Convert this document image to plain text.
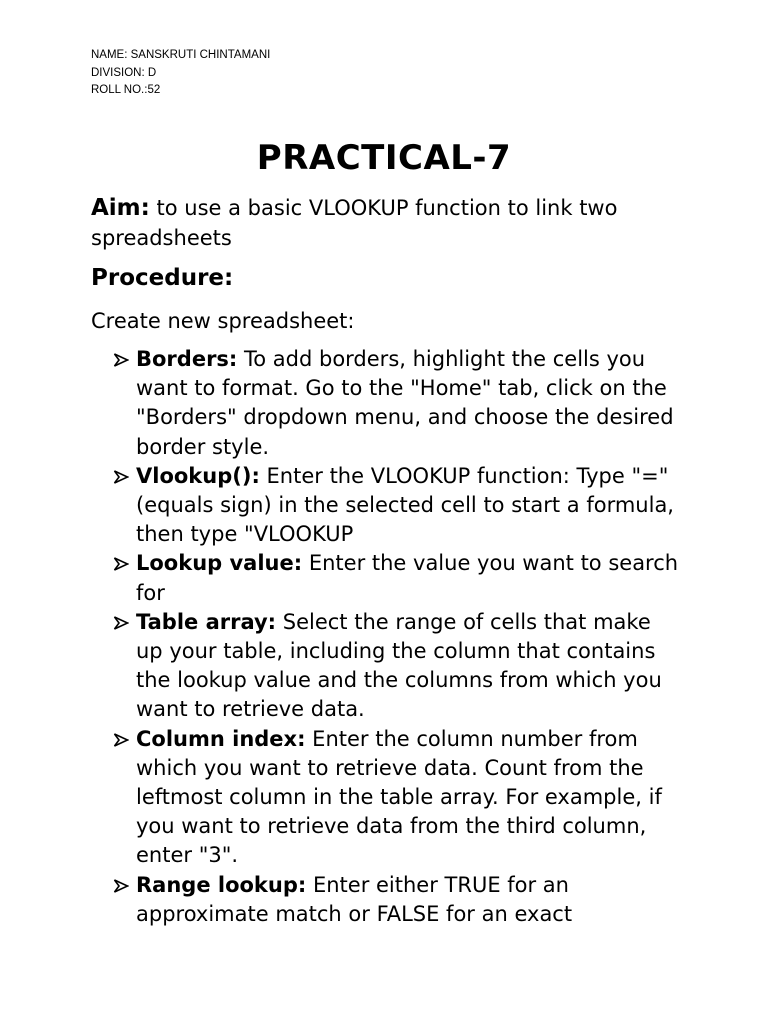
NAME: SANSKRUTI CHINTAMANI
DIVISION: D
ROLL NO.:52
PRACTICAL-7
Aim: to use a basic VLOOKUP function to link two spreadsheets
Procedure:
Create new spreadsheet:
Borders: To add borders, highlight the cells you want to format. Go to the "Home" tab, click on the "Borders" dropdown menu, and choose the desired border style.
Vlookup(): Enter the VLOOKUP function: Type "=" (equals sign) in the selected cell to start a formula, then type "VLOOKUP
Lookup value: Enter the value you want to search for
Table array: Select the range of cells that make up your table, including the column that contains the lookup value and the columns from which you want to retrieve data.
Column index: Enter the column number from which you want to retrieve data. Count from the leftmost column in the table array. For example, if you want to retrieve data from the third column, enter "3".
Range lookup: Enter either TRUE for an approximate match or FALSE for an exact
